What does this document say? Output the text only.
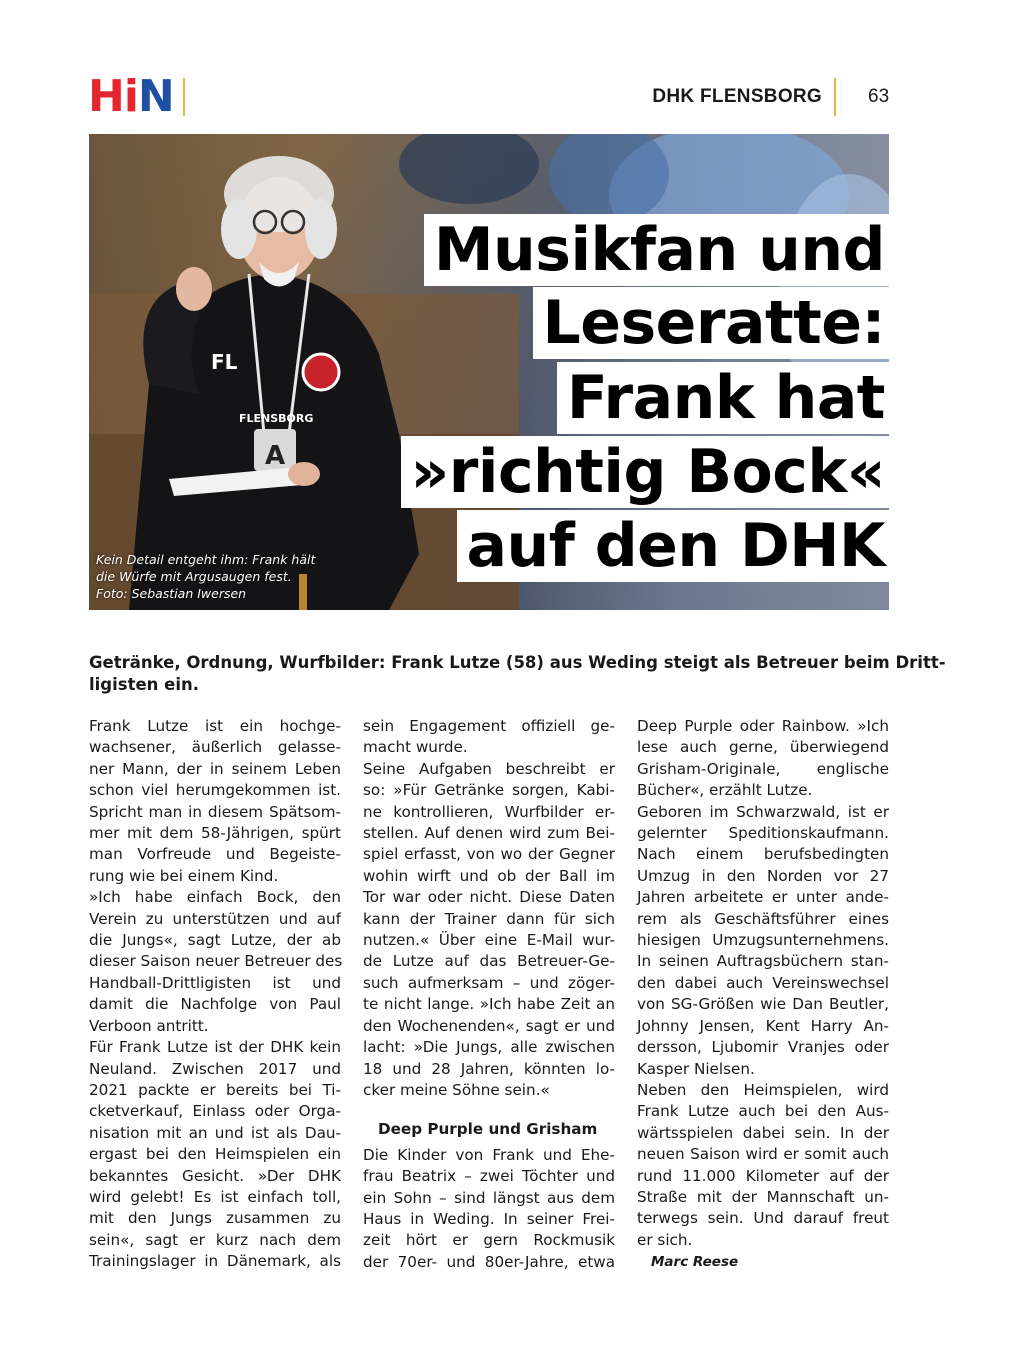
HiN	DHK FLENSBORG 63
FL
FLENSBORG
A
Kein Detail entgeht ihm: Frank hält
die Würfe mit Argusaugen fest.
Foto: Sebastian Iwersen
Musikfan und
Leseratte:
Frank hat
»richtig Bock«
auf den DHK
Getränke, Ordnung, Wurfbilder: Frank Lutze (58) aus Weding steigt als Betreuer beim Dritt-
ligisten ein.
Frank Lutze ist ein hochge-
wachsener, äußerlich gelasse-
ner Mann, der in seinem Leben
schon viel herumgekommen ist.
Spricht man in diesem Spätsom-
mer mit dem 58-Jährigen, spürt
man Vorfreude und Begeiste-
rung wie bei einem Kind.
»Ich habe einfach Bock, den
Verein zu unterstützen und auf
die Jungs«, sagt Lutze, der ab
dieser Saison neuer Betreuer des
Handball-Drittligisten ist und
damit die Nachfolge von Paul
Verboon antritt.
Für Frank Lutze ist der DHK kein
Neuland. Zwischen 2017 und
2021 packte er bereits bei Ti-
cketverkauf, Einlass oder Orga-
nisation mit an und ist als Dau-
ergast bei den Heimspielen ein
bekanntes Gesicht. »Der DHK
wird gelebt! Es ist einfach toll,
mit den Jungs zusammen zu
sein«, sagt er kurz nach dem
Trainingslager in Dänemark, als
sein Engagement offiziell ge-
macht wurde.
Seine Aufgaben beschreibt er
so: »Für Getränke sorgen, Kabi-
ne kontrollieren, Wurfbilder er-
stellen. Auf denen wird zum Bei-
spiel erfasst, von wo der Gegner
wohin wirft und ob der Ball im
Tor war oder nicht. Diese Daten
kann der Trainer dann für sich
nutzen.« Über eine E-Mail wur-
de Lutze auf das Betreuer-Ge-
such aufmerksam – und zöger-
te nicht lange. »Ich habe Zeit an
den Wochenenden«, sagt er und
lacht: »Die Jungs, alle zwischen
18 und 28 Jahren, könnten lo-
cker meine Söhne sein.«
Deep Purple und Grisham
Die Kinder von Frank und Ehe-
frau Beatrix – zwei Töchter und
ein Sohn – sind längst aus dem
Haus in Weding. In seiner Frei-
zeit hört er gern Rockmusik
der 70er- und 80er-Jahre, etwa
Deep Purple oder Rainbow. »Ich
lese auch gerne, überwiegend
Grisham-Originale, englische
Bücher«, erzählt Lutze.
Geboren im Schwarzwald, ist er
gelernter Speditionskaufmann.
Nach einem berufsbedingten
Umzug in den Norden vor 27
Jahren arbeitete er unter ande-
rem als Geschäftsführer eines
hiesigen Umzugsunternehmens.
In seinen Auftragsbüchern stan-
den dabei auch Vereinswechsel
von SG-Größen wie Dan Beutler,
Johnny Jensen, Kent Harry An-
dersson, Ljubomir Vranjes oder
Kasper Nielsen.
Neben den Heimspielen, wird
Frank Lutze auch bei den Aus-
wärtsspielen dabei sein. In der
neuen Saison wird er somit auch
rund 11.000 Kilometer auf der
Straße mit der Mannschaft un-
terwegs sein. Und darauf freut
er sich.
Marc Reese
